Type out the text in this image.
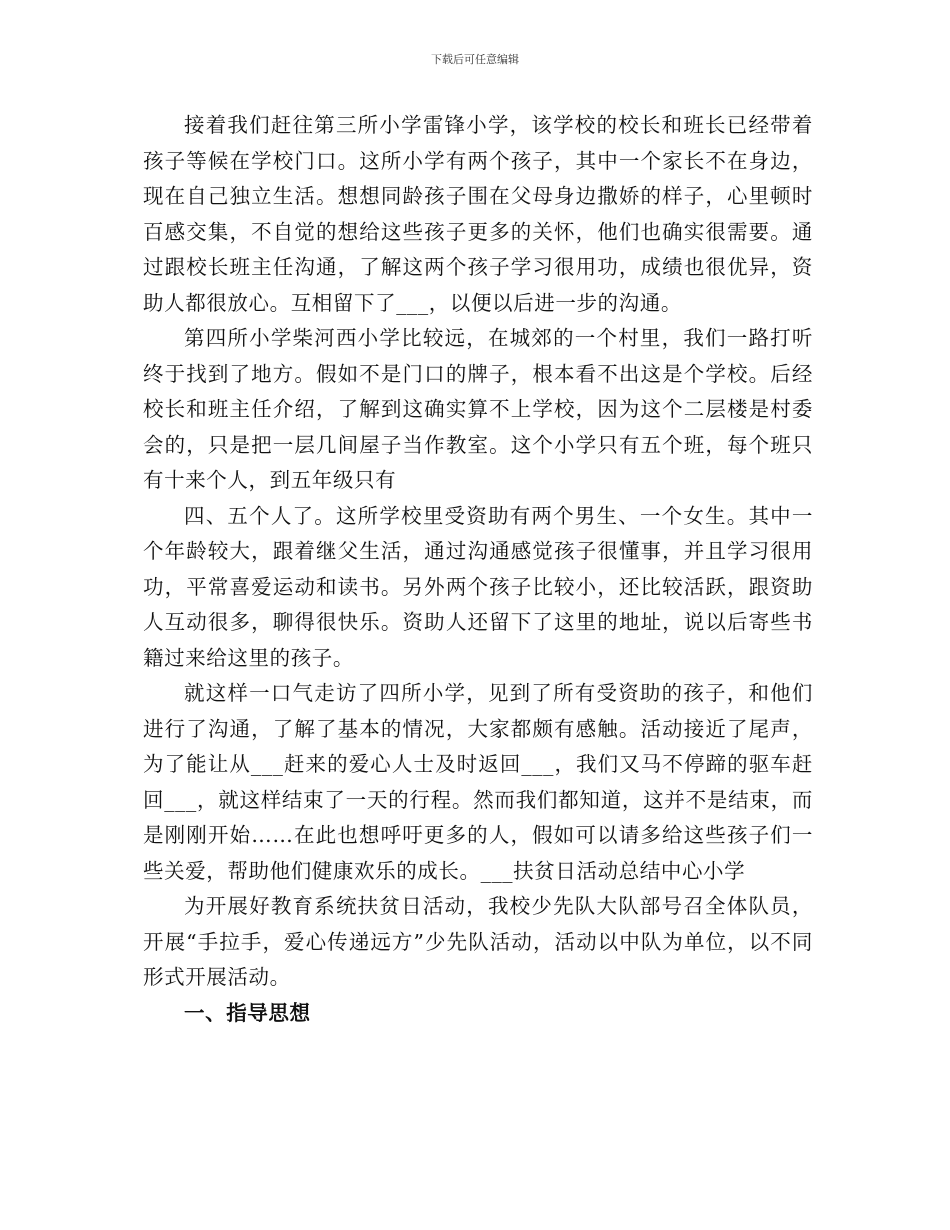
下载后可任意编辑

接着我们赶往第三所小学雷锋小学，该学校的校长和班长已经带着孩子等候在学校门口。这所小学有两个孩子，其中一个家长不在身边，现在自己独立生活。想想同龄孩子围在父母身边撒娇的样子，心里顿时百感交集，不自觉的想给这些孩子更多的关怀，他们也确实很需要。通过跟校长班主任沟通，了解这两个孩子学习很用功，成绩也很优异，资助人都很放心。互相留下了___，以便以后进一步的沟通。

第四所小学柴河西小学比较远，在城郊的一个村里，我们一路打听终于找到了地方。假如不是门口的牌子，根本看不出这是个学校。后经校长和班主任介绍，了解到这确实算不上学校，因为这个二层楼是村委会的，只是把一层几间屋子当作教室。这个小学只有五个班，每个班只有十来个人，到五年级只有

四、五个人了。这所学校里受资助有两个男生、一个女生。其中一个年龄较大，跟着继父生活，通过沟通感觉孩子很懂事，并且学习很用功，平常喜爱运动和读书。另外两个孩子比较小，还比较活跃，跟资助人互动很多，聊得很快乐。资助人还留下了这里的地址，说以后寄些书籍过来给这里的孩子。

就这样一口气走访了四所小学，见到了所有受资助的孩子，和他们进行了沟通，了解了基本的情况，大家都颇有感触。活动接近了尾声，为了能让从___赶来的爱心人士及时返回___，我们又马不停蹄的驱车赶回___，就这样结束了一天的行程。然而我们都知道，这并不是结束，而是刚刚开始……在此也想呼吁更多的人，假如可以请多给这些孩子们一些关爱，帮助他们健康欢乐的成长。___扶贫日活动总结中心小学

为开展好教育系统扶贫日活动，我校少先队大队部号召全体队员，开展“手拉手，爱心传递远方”少先队活动，活动以中队为单位，以不同形式开展活动。

一、指导思想
